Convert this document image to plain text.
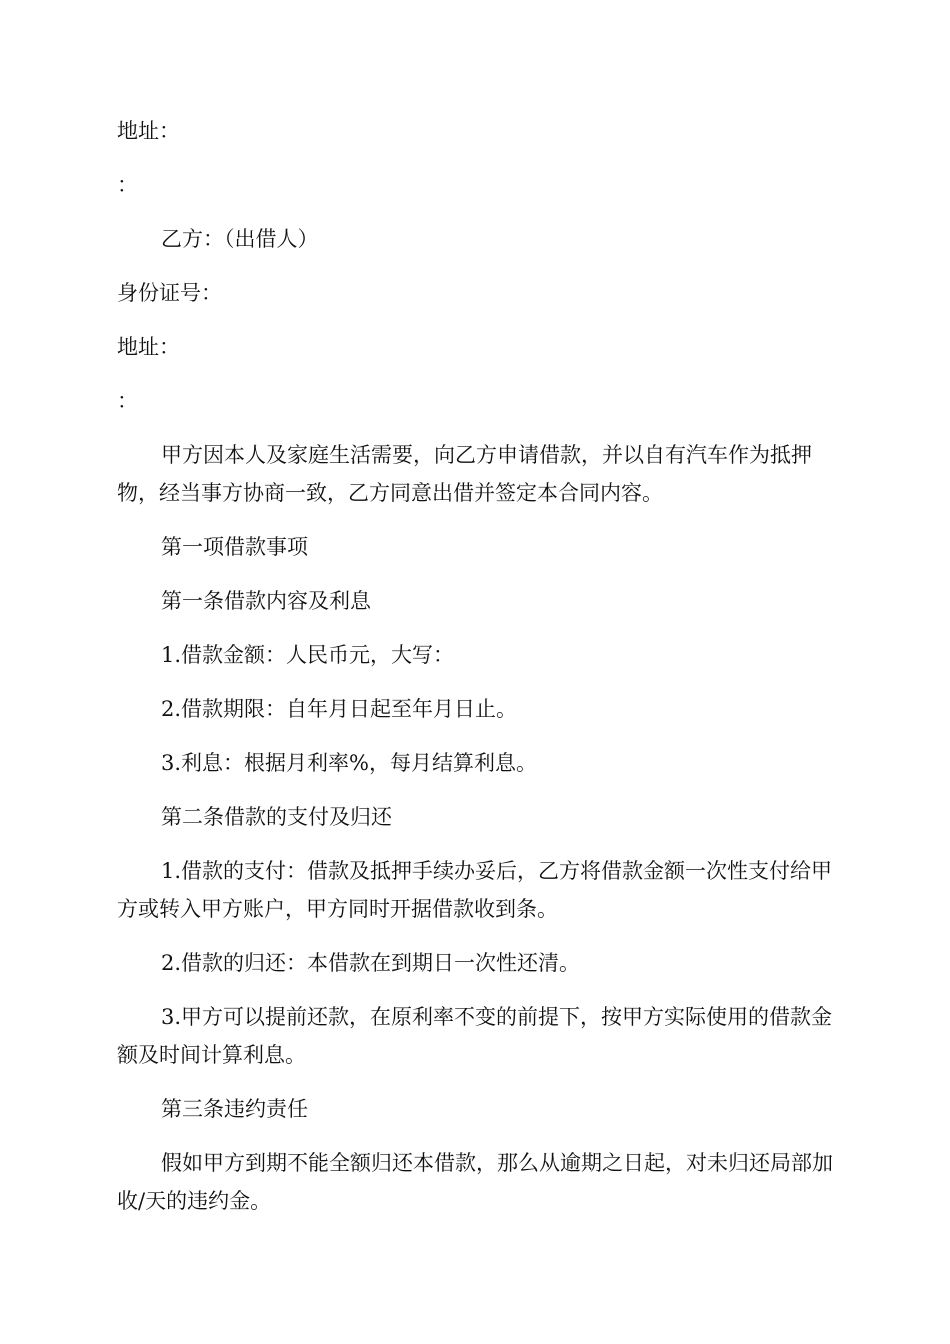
地址：

：

乙方：（出借人）

身份证号：

地址：

：

甲方因本人及家庭生活需要，向乙方申请借款，并以自有汽车作为抵押物，经当事方协商一致，乙方同意出借并签定本合同内容。

第一项借款事项

第一条借款内容及利息

1.借款金额：人民币元，大写：

2.借款期限：自年月日起至年月日止。

3.利息：根据月利率%，每月结算利息。

第二条借款的支付及归还

1.借款的支付：借款及抵押手续办妥后，乙方将借款金额一次性支付给甲方或转入甲方账户，甲方同时开据借款收到条。

2.借款的归还：本借款在到期日一次性还清。

3.甲方可以提前还款，在原利率不变的前提下，按甲方实际使用的借款金额及时间计算利息。

第三条违约责任

假如甲方到期不能全额归还本借款，那么从逾期之日起，对未归还局部加收/天的违约金。
